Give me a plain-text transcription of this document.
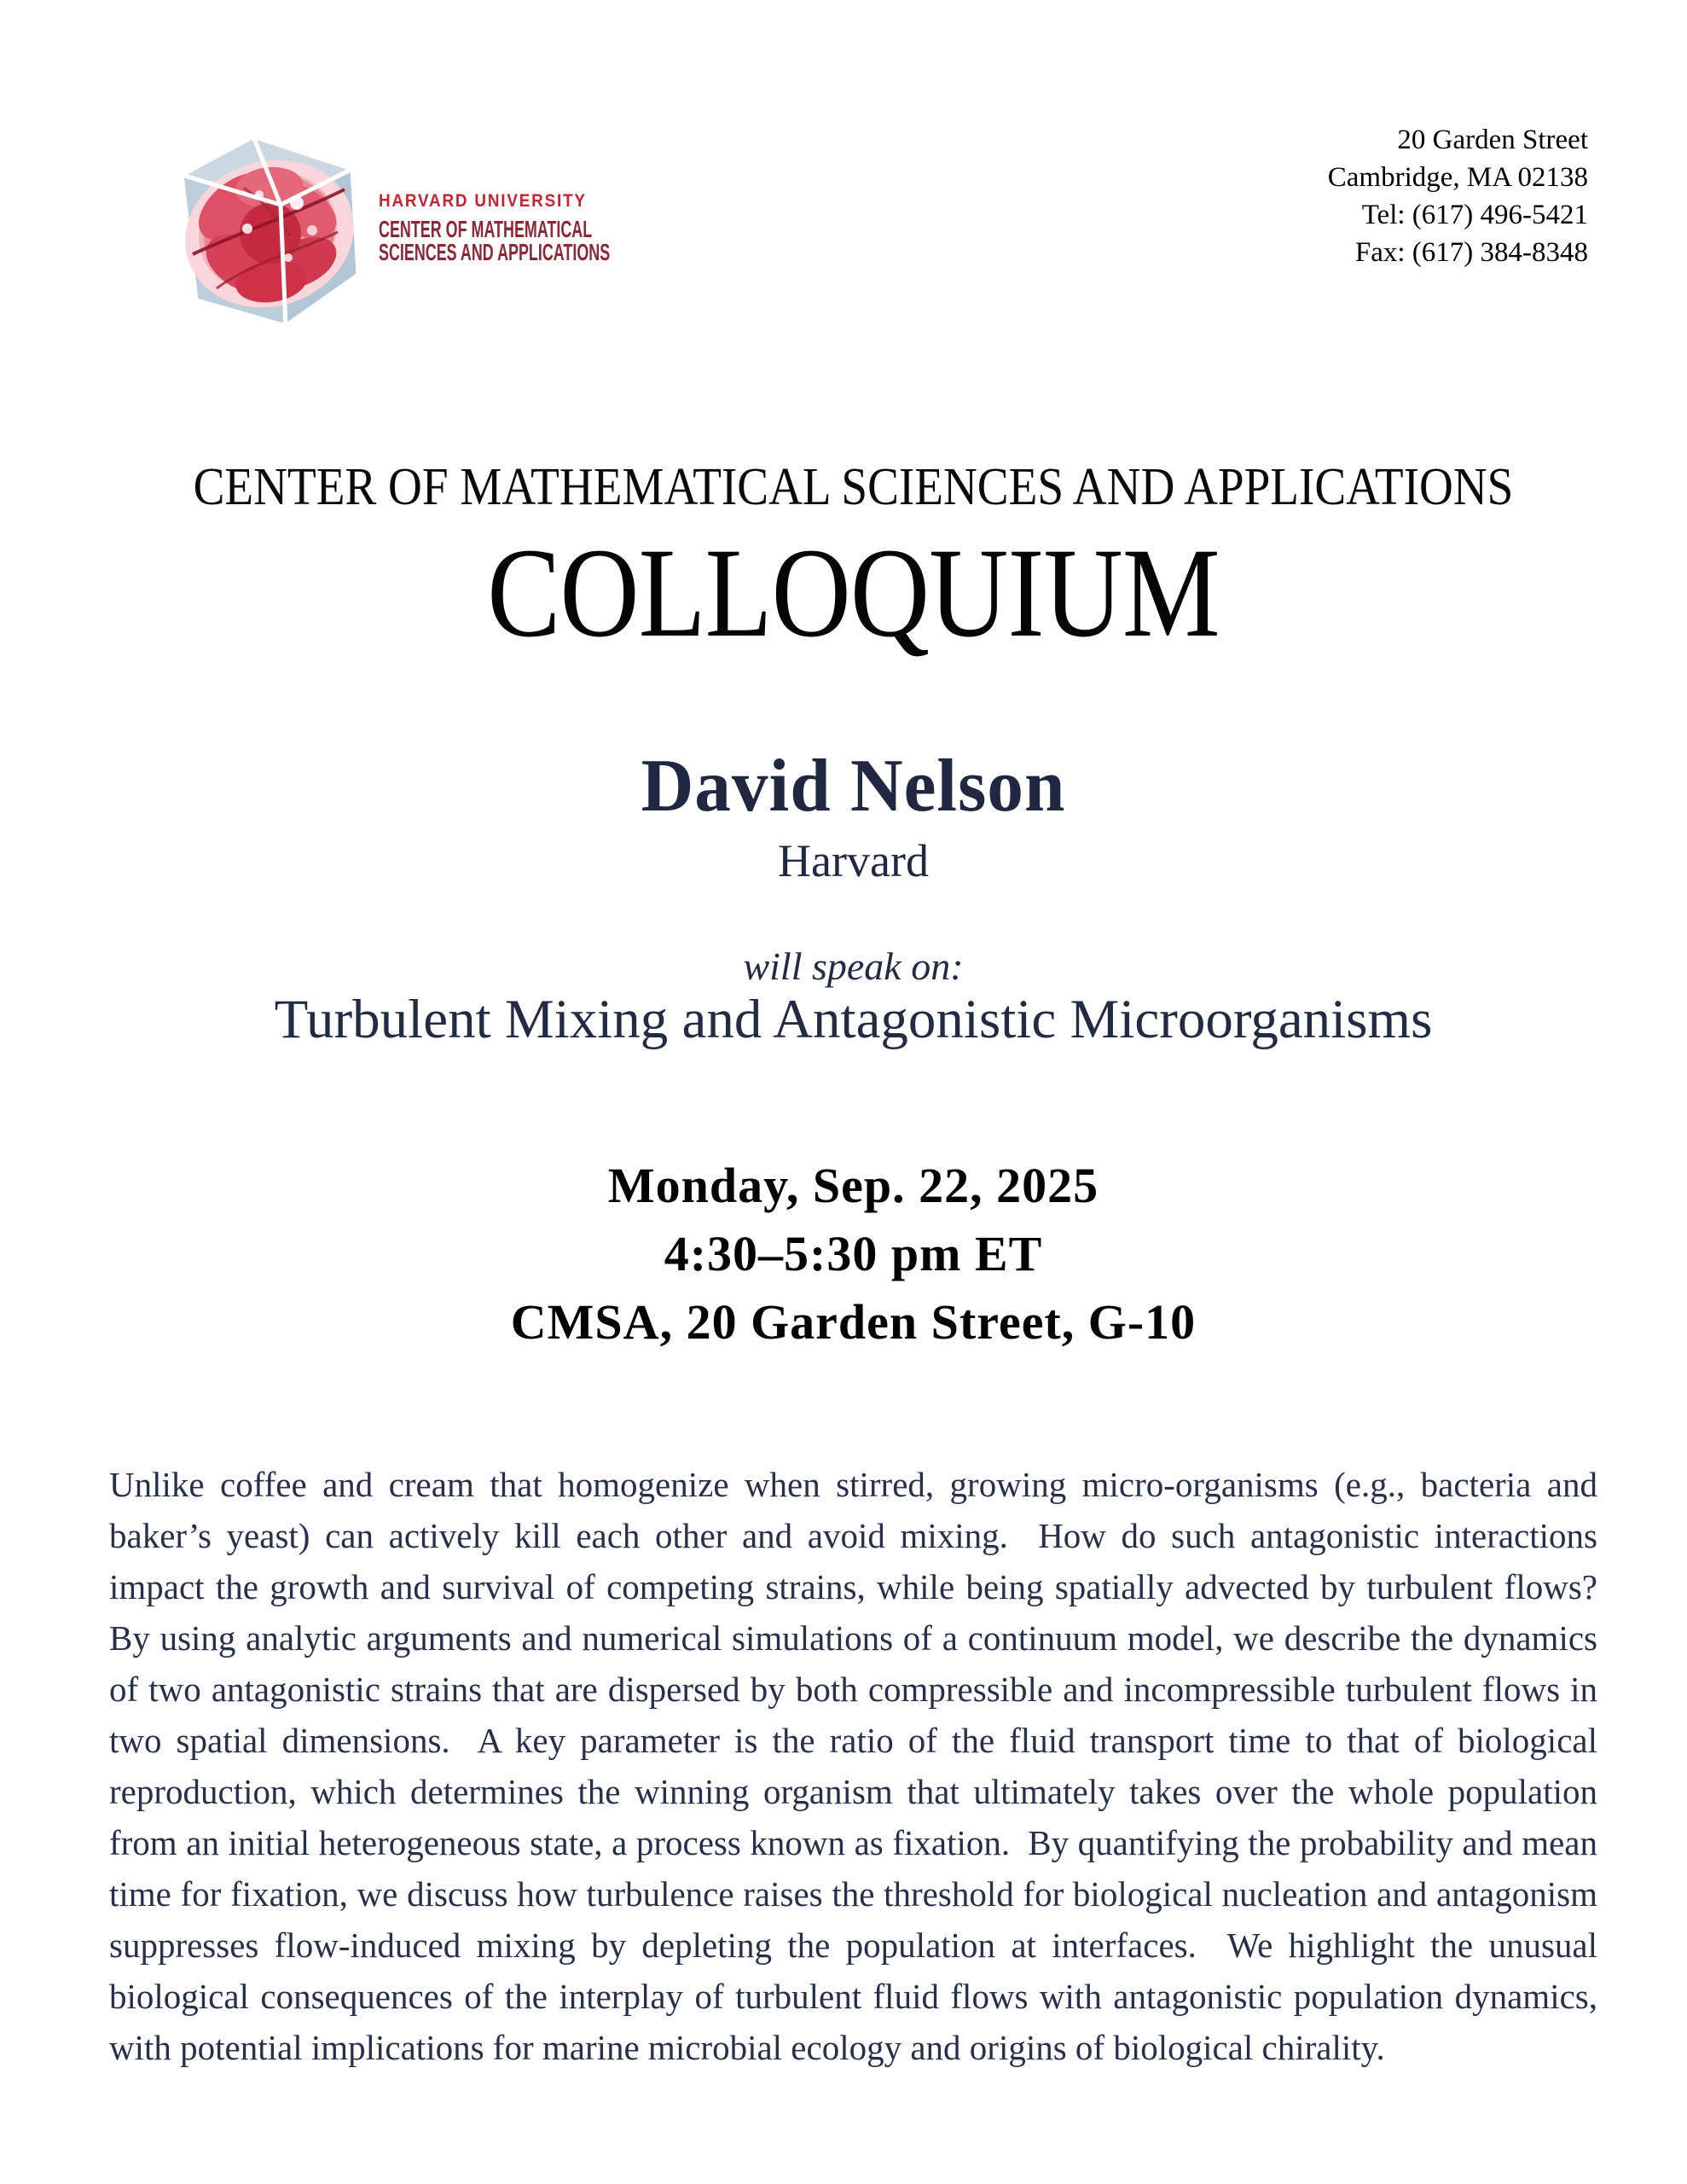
HARVARD UNIVERSITY
CENTER OF MATHEMATICAL
SCIENCES AND APPLICATIONS
20 Garden Street
Cambridge, MA 02138
Tel: (617) 496-5421
Fax: (617) 384-8348
CENTER OF MATHEMATICAL SCIENCES AND APPLICATIONS
COLLOQUIUM
David Nelson
Harvard
will speak on:
Turbulent Mixing and Antagonistic Microorganisms
Monday, Sep. 22, 2025
4:30–5:30 pm ET
CMSA, 20 Garden Street, G-10

Unlike coffee and cream that homogenize when stirred, growing micro-organisms (e.g., bacteria and baker’s yeast) can actively kill each other and avoid mixing.  How do such antagonistic interactions impact the growth and survival of competing strains, while being spatially advected by turbulent flows?  By using analytic arguments and numerical simulations of a continuum model, we describe the dynamics of two antagonistic strains that are dispersed by both compressible and incompressible turbulent flows in two spatial dimensions.  A key parameter is the ratio of the fluid transport time to that of biological reproduction, which determines the winning organism that ultimately takes over the whole population from an initial heterogeneous state, a process known as fixation.  By quantifying the probability and mean time for fixation, we discuss how turbulence raises the threshold for biological nucleation and antagonism suppresses flow-induced mixing by depleting the population at interfaces.  We highlight the unusual biological consequences of the interplay of turbulent fluid flows with antagonistic population dynamics, with potential implications for marine microbial ecology and origins of biological chirality.
